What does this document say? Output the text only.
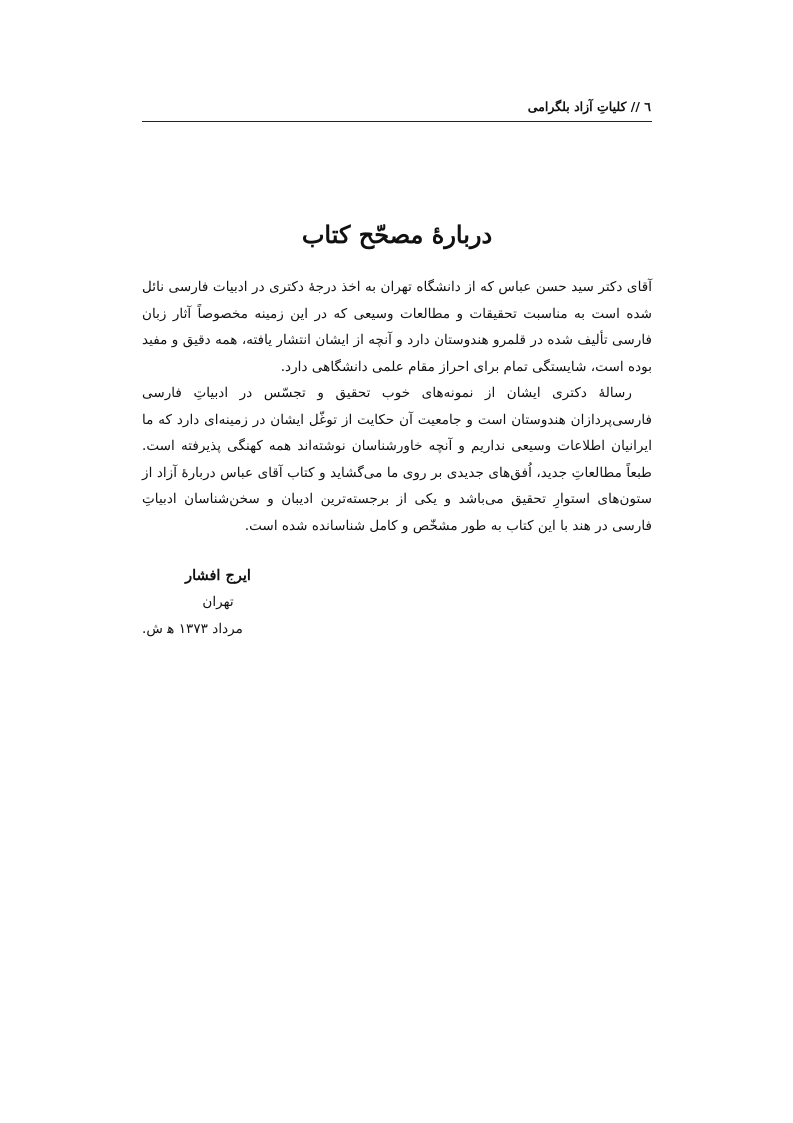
٦ // كلياتِ آزاد بلگرامی
دربارهٔ مصحّح کتاب

آقای دکتر سید حسن عباس که از دانشگاه تهران به اخذ درجهٔ دکتری در ادبیات فارسی نائل شده است به مناسبت تحقیقات و مطالعات وسیعی که در این زمینه مخصوصاً آثار زبان فارسی تألیف شده در قلمرو هندوستان دارد و آنچه از ایشان انتشار یافته، همه دقیق و مفید بوده است، شایستگی تمام برای احراز مقام علمی دانشگاهی دارد.

رسالهٔ دکتری ایشان از نمونه‌های خوب تحقیق و تجسّس در ادبیاتِ فارسی فارسی‌پردازان هندوستان است و جامعیت آن حکایت از توغّل ایشان در زمینه‌ای دارد که ما ایرانیان اطلاعات وسیعی نداریم و آنچه خاورشناسان نوشته‌اند همه کهنگی پذیرفته است. طبعاً مطالعاتِ جدید، اُفق‌های جدیدی بر روی ما می‌گشاید و کتاب آقای عباس دربارهٔ آزاد از ستون‌های استوارِ تحقیق می‌باشد و یکی از برجسته‌ترین ادیبان و سخن‌شناسان ادبیاتِ فارسی در هند با این کتاب به طور مشخّص و کامل شناسانده شده است.

ایرج افشار
تهران
مرداد ۱۳۷۳ ﻫ ش.
